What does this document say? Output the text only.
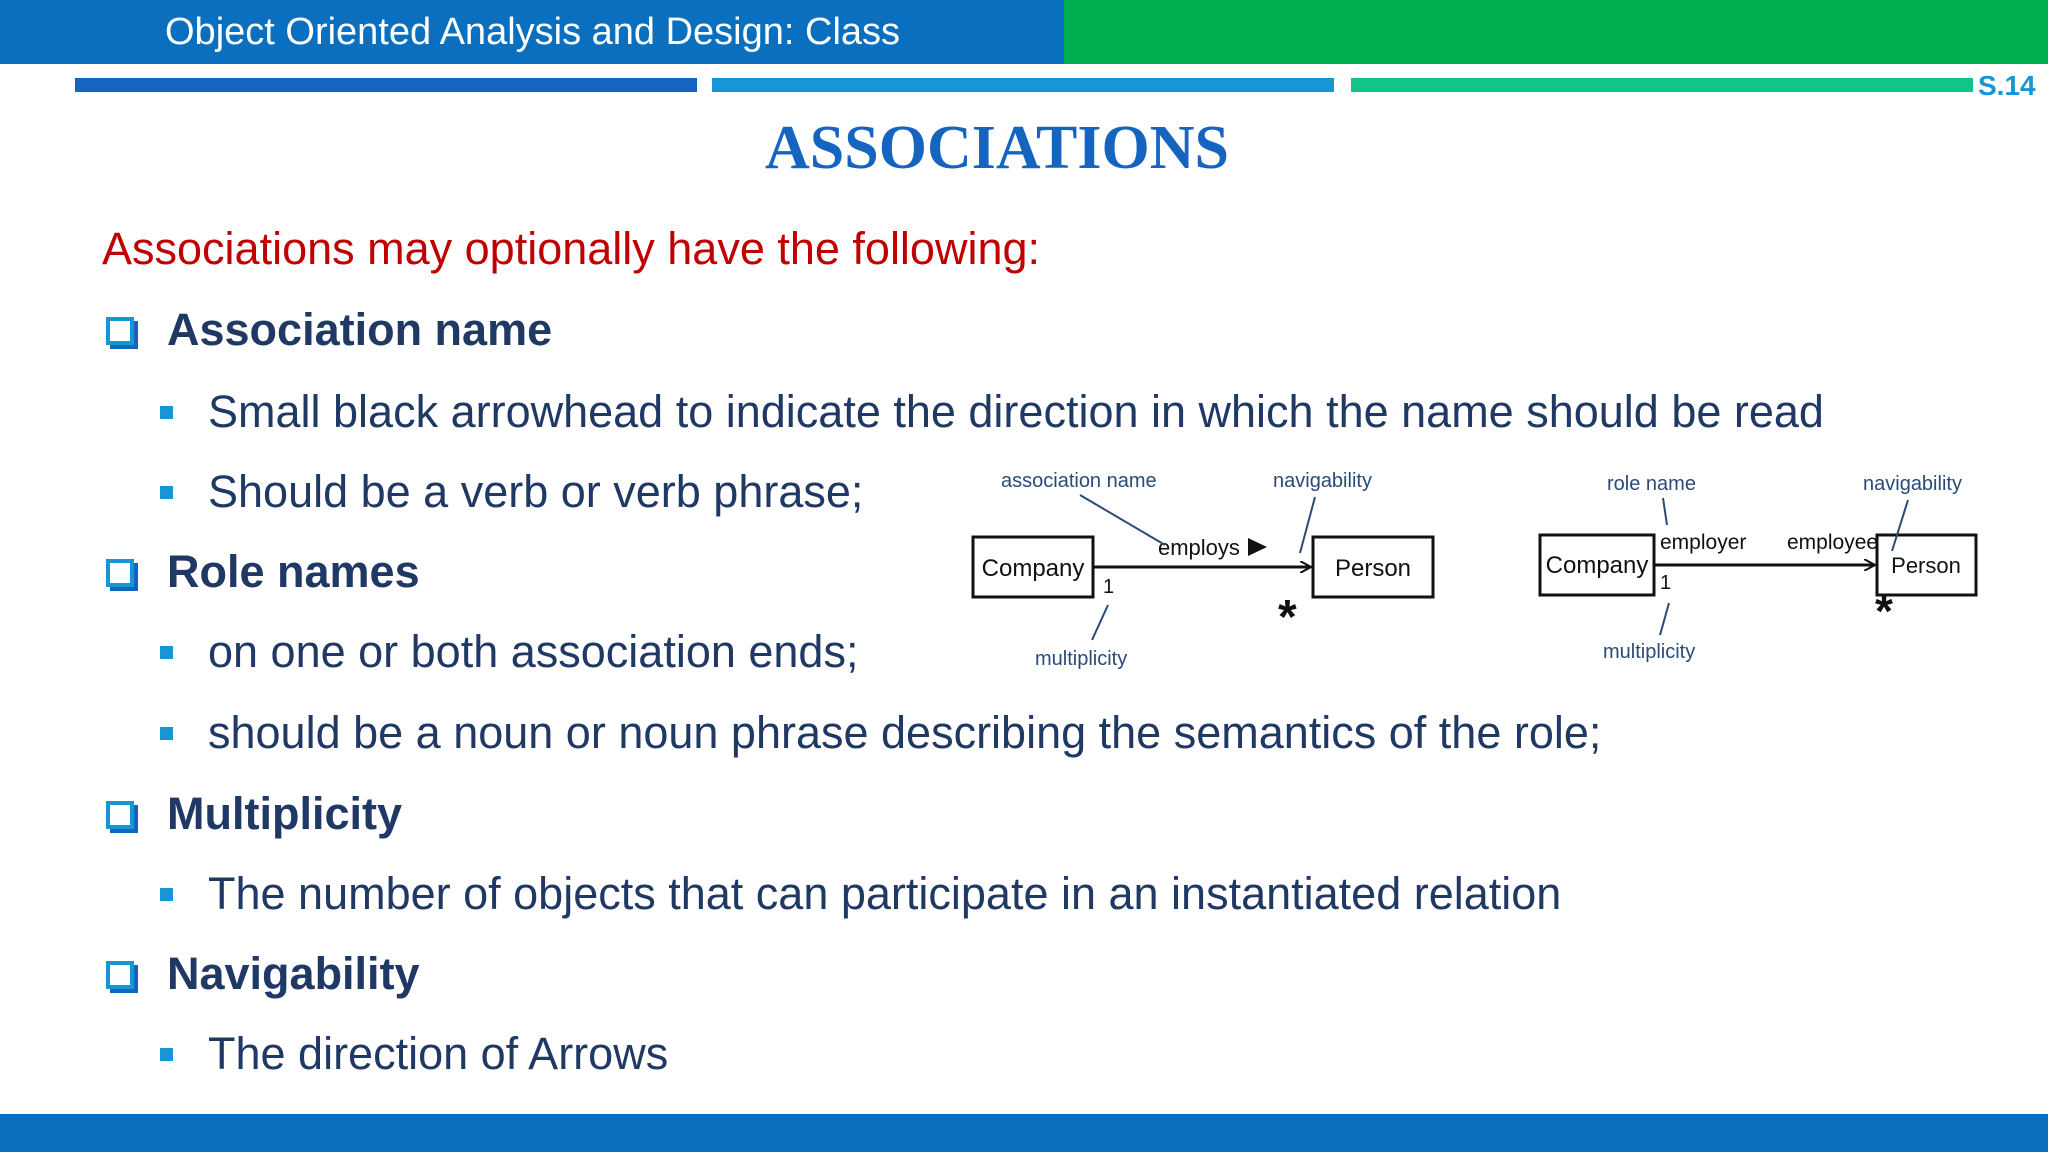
Object Oriented Analysis and Design: Class
S.14
ASSOCIATIONS
Associations may optionally have the following:
Association name
Small black arrowhead to indicate the direction in which the name should be read
Should be a verb or verb phrase;
Role names
on one or both association ends;
should be a noun or noun phrase describing the semantics of the role;
Multiplicity
The number of objects that can participate in an instantiated relation
Navigability
The direction of Arrows
Company	Person
employs
1
*
association name	navigability
multiplicity
Company	Person
employer employee
1
*
role name	navigability
multiplicity
